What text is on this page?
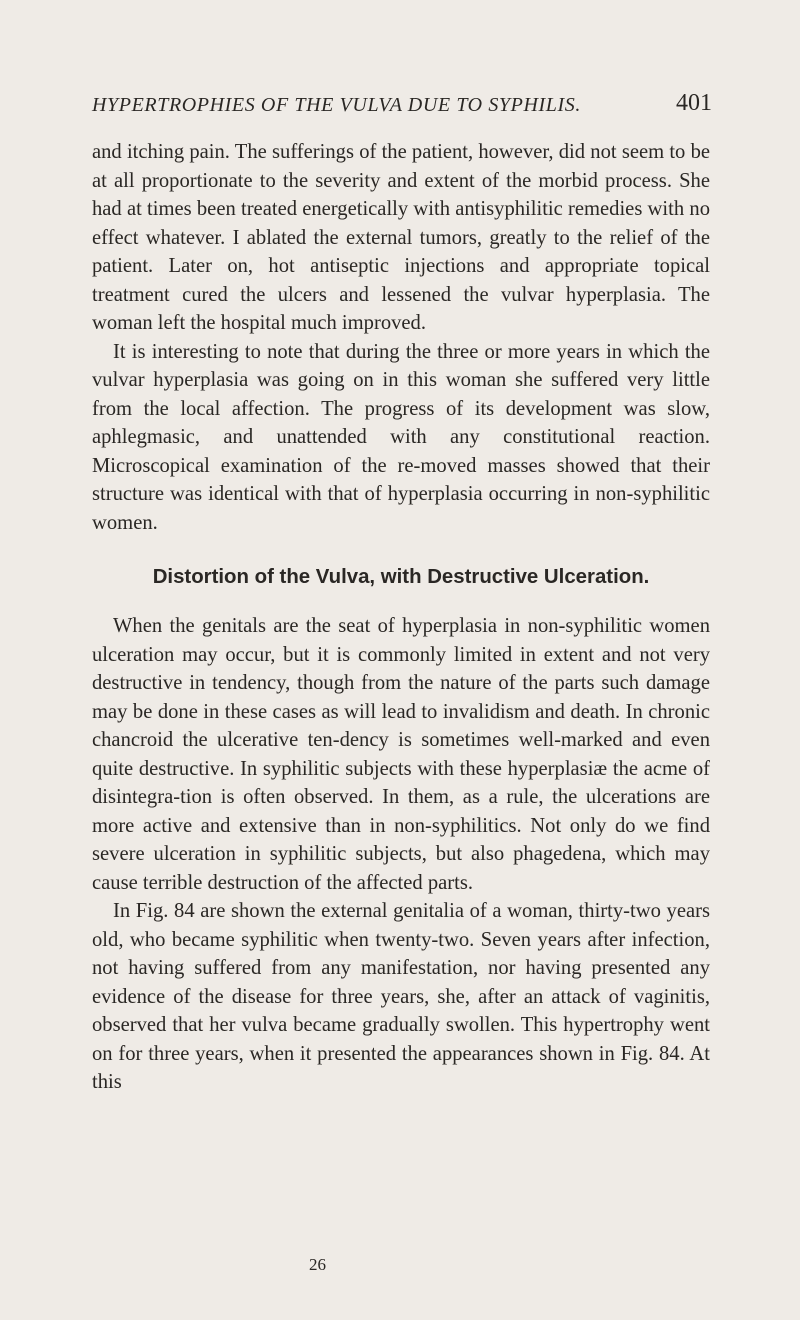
HYPERTROPHIES OF THE VULVA DUE TO SYPHILIS.	401

and itching pain. The sufferings of the patient, however, did not seem to be at all proportionate to the severity and extent of the morbid process. She had at times been treated energetically with antisyphilitic remedies with no effect whatever. I ablated the external tumors, greatly to the relief of the patient. Later on, hot antiseptic injections and appropriate topical treatment cured the ulcers and lessened the vulvar hyperplasia. The woman left the hospital much improved.

It is interesting to note that during the three or more years in which the vulvar hyperplasia was going on in this woman she suffered very little from the local affection. The progress of its development was slow, aphlegmasic, and unattended with any constitutional reaction. Microscopical examination of the re-moved masses showed that their structure was identical with that of hyperplasia occurring in non-syphilitic women.

Distortion of the Vulva, with Destructive Ulceration.

When the genitals are the seat of hyperplasia in non-syphilitic women ulceration may occur, but it is commonly limited in extent and not very destructive in tendency, though from the nature of the parts such damage may be done in these cases as will lead to invalidism and death. In chronic chancroid the ulcerative ten-dency is sometimes well-marked and even quite destructive. In syphilitic subjects with these hyperplasiæ the acme of disintegra-tion is often observed. In them, as a rule, the ulcerations are more active and extensive than in non-syphilitics. Not only do we find severe ulceration in syphilitic subjects, but also phagedena, which may cause terrible destruction of the affected parts.

In Fig. 84 are shown the external genitalia of a woman, thirty-two years old, who became syphilitic when twenty-two. Seven years after infection, not having suffered from any manifestation, nor having presented any evidence of the disease for three years, she, after an attack of vaginitis, observed that her vulva became gradually swollen. This hypertrophy went on for three years, when it presented the appearances shown in Fig. 84. At this

26
